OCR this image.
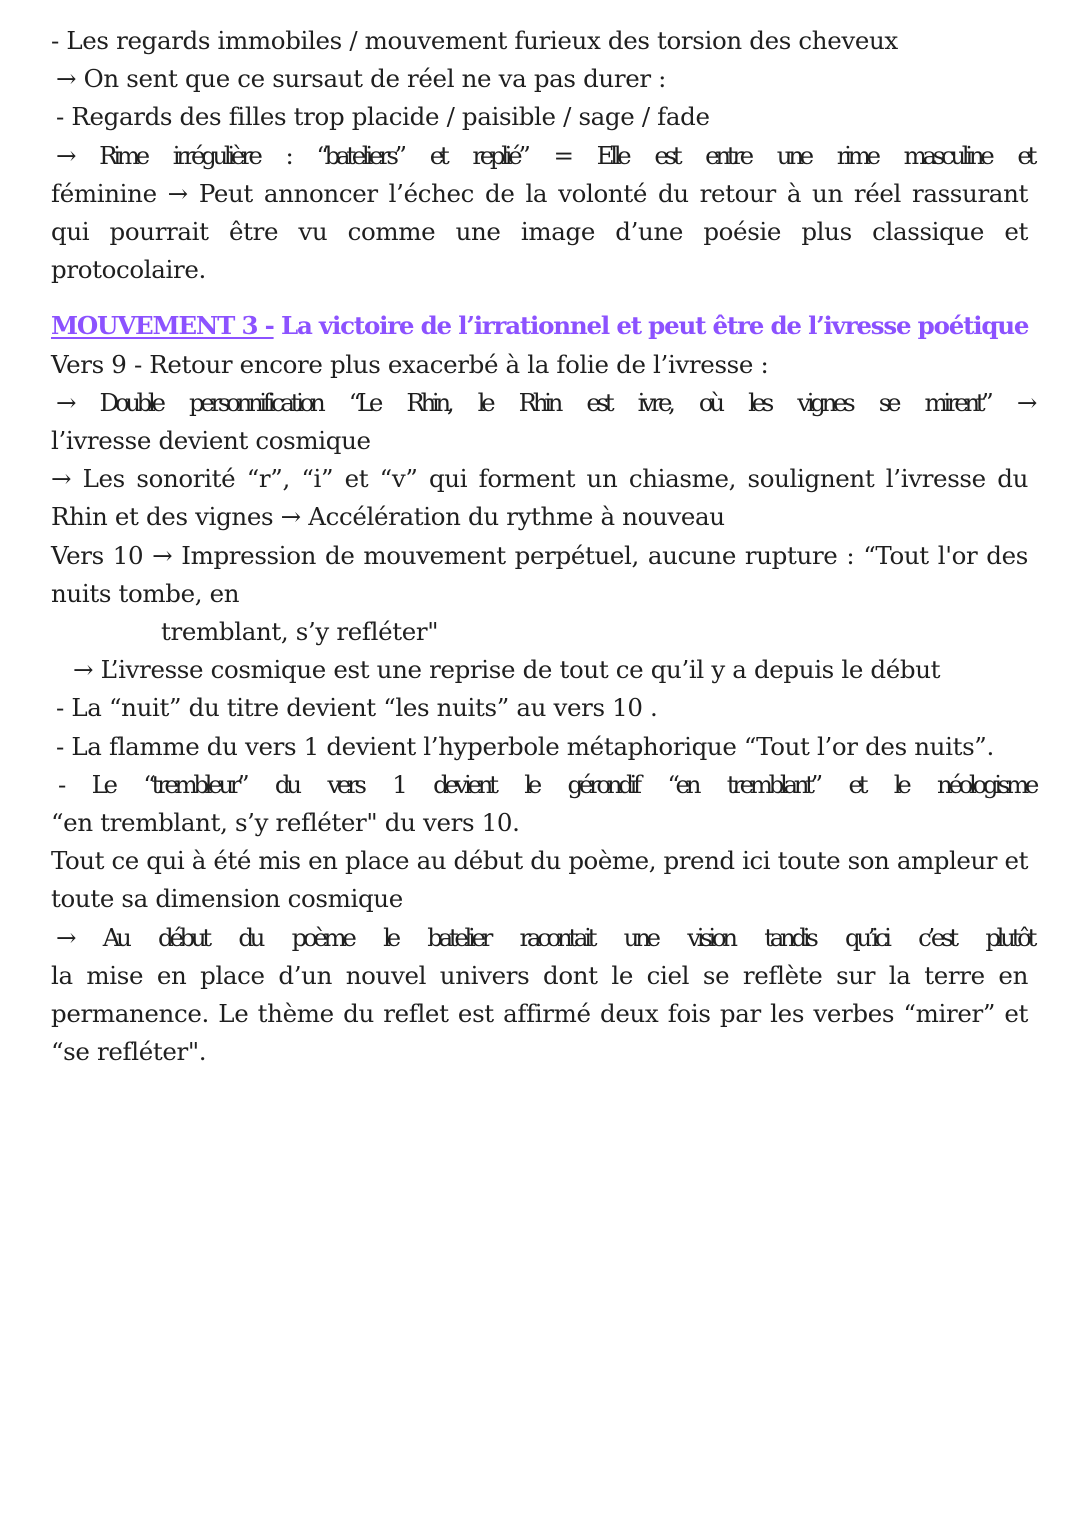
- Les regards immobiles / mouvement furieux des torsion des cheveux
→ On sent que ce sursaut de réel ne va pas durer :
- Regards des filles trop placide / paisible / sage / fade
→ Rime irrégulière : “bateliers” et replié” = Elle est entre une rime masculine et
féminine → Peut annoncer l’échec de la volonté du retour à un réel rassurant
qui pourrait être vu comme une image d’une poésie plus classique et
protocolaire.
MOUVEMENT 3 - La victoire de l’irrationnel et peut être de l’ivresse poétique
Vers 9 - Retour encore plus exacerbé à la folie de l’ivresse :
→ Double personnification “Le Rhin, le Rhin est ivre, où les vignes se mirent” →
l’ivresse devient cosmique
→ Les sonorité “r”, “i” et “v” qui forment un chiasme, soulignent l’ivresse du
Rhin et des vignes → Accélération du rythme à nouveau
Vers 10 → Impression de mouvement perpétuel, aucune rupture : “Tout l'or des
nuits tombe, en
tremblant, s’y refléter"
→ L’ivresse cosmique est une reprise de tout ce qu’il y a depuis le début
- La “nuit” du titre devient “les nuits” au vers 10 .
- La flamme du vers 1 devient l’hyperbole métaphorique “Tout l’or des nuits”.
- Le “trembleur” du vers 1 devient le gérondif “en tremblant” et le néologisme
“en tremblant, s’y refléter" du vers 10.
Tout ce qui à été mis en place au début du poème, prend ici toute son ampleur et
toute sa dimension cosmique
→ Au début du poème le batelier racontait une vision tandis qu’ici c’est plutôt
la mise en place d’un nouvel univers dont le ciel se reflète sur la terre en
permanence. Le thème du reflet est affirmé deux fois par les verbes “mirer” et
“se refléter".
